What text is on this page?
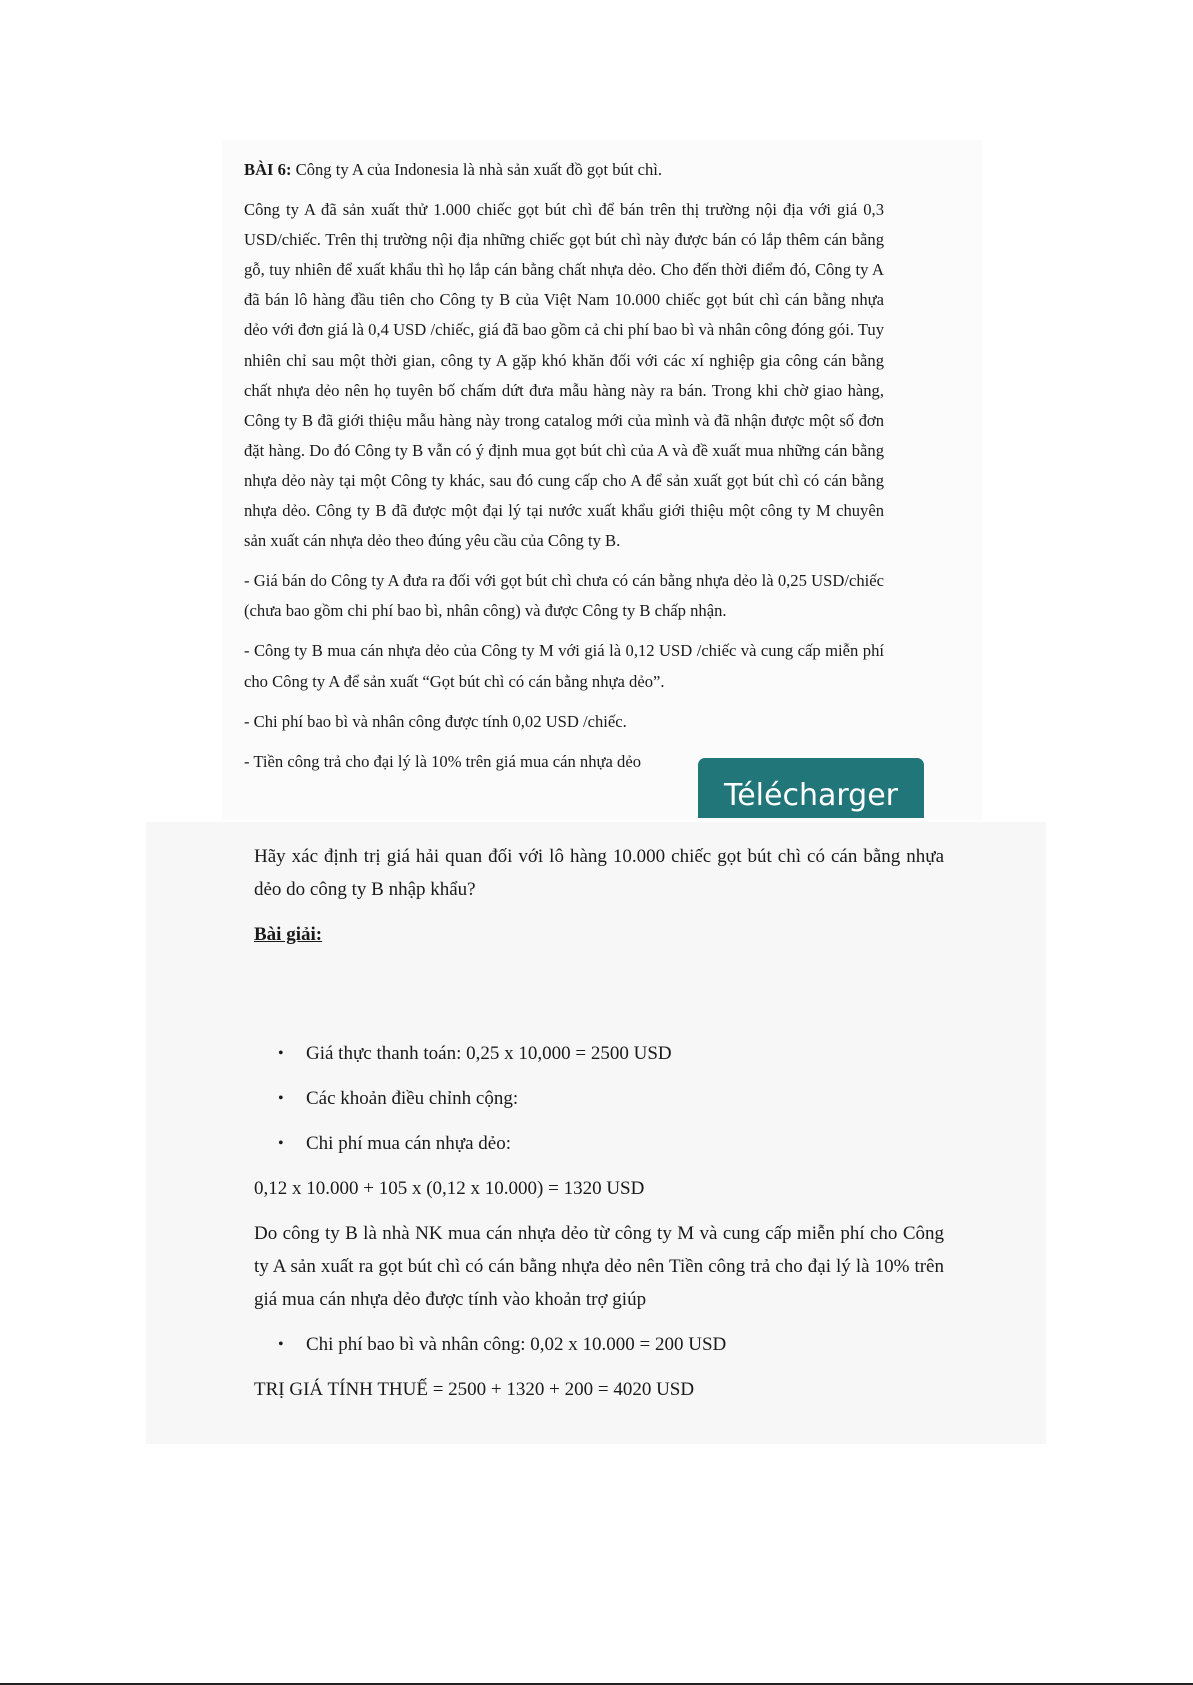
BÀI 6: Công ty A của Indonesia là nhà sản xuất đồ gọt bút chì.

Công ty A đã sản xuất thử 1.000 chiếc gọt bút chì để bán trên thị trường nội địa với giá 0,3 USD/chiếc. Trên thị trường nội địa những chiếc gọt bút chì này được bán có lắp thêm cán bằng gỗ, tuy nhiên để xuất khẩu thì họ lắp cán bằng chất nhựa dẻo. Cho đến thời điểm đó, Công ty A đã bán lô hàng đầu tiên cho Công ty B của Việt Nam 10.000 chiếc gọt bút chì cán bằng nhựa dẻo với đơn giá là 0,4 USD /chiếc, giá đã bao gồm cả chi phí bao bì và nhân công đóng gói. Tuy nhiên chỉ sau một thời gian, công ty A gặp khó khăn đối với các xí nghiệp gia công cán bằng chất nhựa dẻo nên họ tuyên bố chấm dứt đưa mẫu hàng này ra bán. Trong khi chờ giao hàng, Công ty B đã giới thiệu mẫu hàng này trong catalog mới của mình và đã nhận được một số đơn đặt hàng. Do đó Công ty B vẫn có ý định mua gọt bút chì của A và đề xuất mua những cán bằng nhựa dẻo này tại một Công ty khác, sau đó cung cấp cho A để sản xuất gọt bút chì có cán bằng nhựa dẻo. Công ty B đã được một đại lý tại nước xuất khẩu giới thiệu một công ty M chuyên sản xuất cán nhựa dẻo theo đúng yêu cầu của Công ty B.

- Giá bán do Công ty A đưa ra đối với gọt bút chì chưa có cán bằng nhựa dẻo là 0,25 USD/chiếc (chưa bao gồm chi phí bao bì, nhân công) và được Công ty B chấp nhận.

- Công ty B mua cán nhựa dẻo của Công ty M với giá là 0,12 USD /chiếc và cung cấp miễn phí cho Công ty A để sản xuất “Gọt bút chì có cán bằng nhựa dẻo”.

- Chi phí bao bì và nhân công được tính 0,02 USD /chiếc.

- Tiền công trả cho đại lý là 10% trên giá mua cán nhựa dẻo

Télécharger

Hãy xác định trị giá hải quan đối với lô hàng 10.000 chiếc gọt bút chì có cán bằng nhựa dẻo do công ty B nhập khẩu?

Bài giải:

• Giá thực thanh toán: 0,25 x 10,000 = 2500 USD

• Các khoản điều chỉnh cộng:

• Chi phí mua cán nhựa dẻo:

0,12 x 10.000 + 105 x (0,12 x 10.000) = 1320 USD

Do công ty B là nhà NK mua cán nhựa dẻo từ công ty M và cung cấp miễn phí cho Công ty A sản xuất ra gọt bút chì có cán bằng nhựa dẻo nên Tiền công trả cho đại lý là 10% trên giá mua cán nhựa dẻo được tính vào khoản trợ giúp

• Chi phí bao bì và nhân công: 0,02 x 10.000 = 200 USD

TRỊ GIÁ TÍNH THUẾ = 2500 + 1320 + 200 = 4020 USD
